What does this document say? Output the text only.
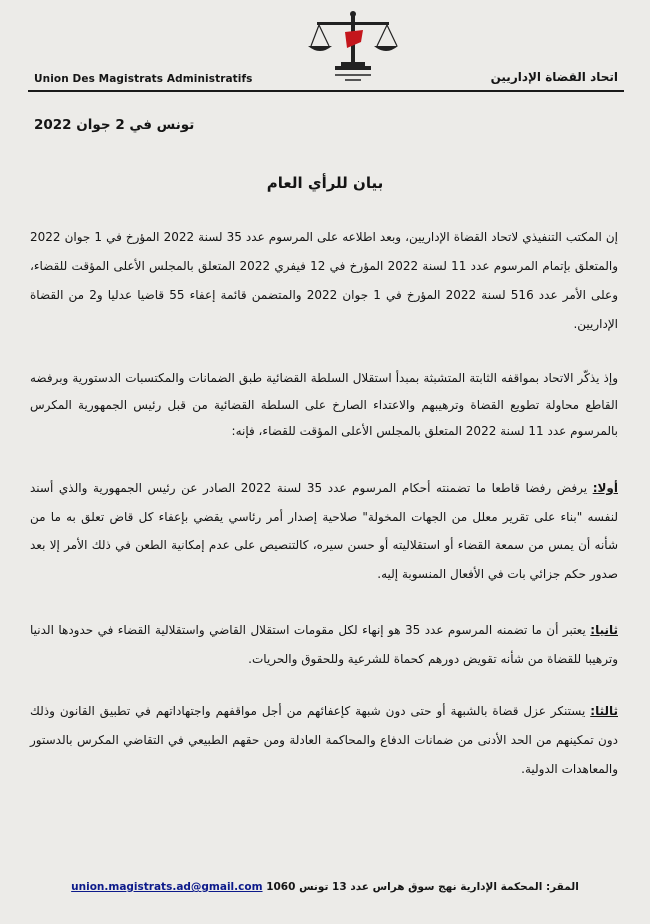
Union Des Magistrats Administratifs	اتحاد القضاة الإداريين
تونس في 2 جوان 2022
بيان للرأي العام
إن المكتب التنفيذي لاتحاد القضاة الإداريين، وبعد اطلاعه على المرسوم عدد 35 لسنة 2022 المؤرخ في 1 جوان 2022 والمتعلق بإتمام المرسوم عدد 11 لسنة 2022 المؤرخ في 12 فيفري 2022 المتعلق بالمجلس الأعلى المؤقت للقضاء، وعلى الأمر عدد 516 لسنة 2022 المؤرخ في 1 جوان 2022 والمتضمن قائمة إعفاء 55 قاضيا عدليا و2 من القضاة الإداريين.
وإذ يذكّر الاتحاد بمواقفه الثابتة المتشبثة بمبدأ استقلال السلطة القضائية طبق الضمانات والمكتسبات الدستورية وبرفضه القاطع محاولة تطويع القضاة وترهيبهم والاعتداء الصارخ على السلطة القضائية من قبل رئيس الجمهورية المكرس بالمرسوم عدد 11 لسنة 2022 المتعلق بالمجلس الأعلى المؤقت للقضاء، فإنه:
أولا: يرفض رفضا قاطعا ما تضمنته أحكام المرسوم عدد 35 لسنة 2022 الصادر عن رئيس الجمهورية والذي أسند لنفسه "بناء على تقرير معلل من الجهات المخولة" صلاحية إصدار أمر رئاسي يقضي بإعفاء كل قاض تعلق به ما من شأنه أن يمس من سمعة القضاء أو استقلاليته أو حسن سيره، كالتنصيص على عدم إمكانية الطعن في ذلك الأمر إلا بعد صدور حكم جزائي بات في الأفعال المنسوبة إليه.
ثانيا: يعتبر أن ما تضمنه المرسوم عدد 35 هو إنهاء لكل مقومات استقلال القاضي واستقلالية القضاء في حدودها الدنيا وترهيبا للقضاة من شأنه تقويض دورهم كحماة للشرعية وللحقوق والحريات.
ثالثا: يستنكر عزل قضاة بالشبهة أو حتى دون شبهة كإعفائهم من أجل مواقفهم واجتهاداتهم في تطبيق القانون وذلك دون تمكينهم من الحد الأدنى من ضمانات الدفاع والمحاكمة العادلة ومن حقهم الطبيعي في التقاضي المكرس بالدستور والمعاهدات الدولية.
المقر: المحكمة الإدارية نهج سوق هراس عدد 13 تونس 1060 union.magistrats.ad@gmail.com
